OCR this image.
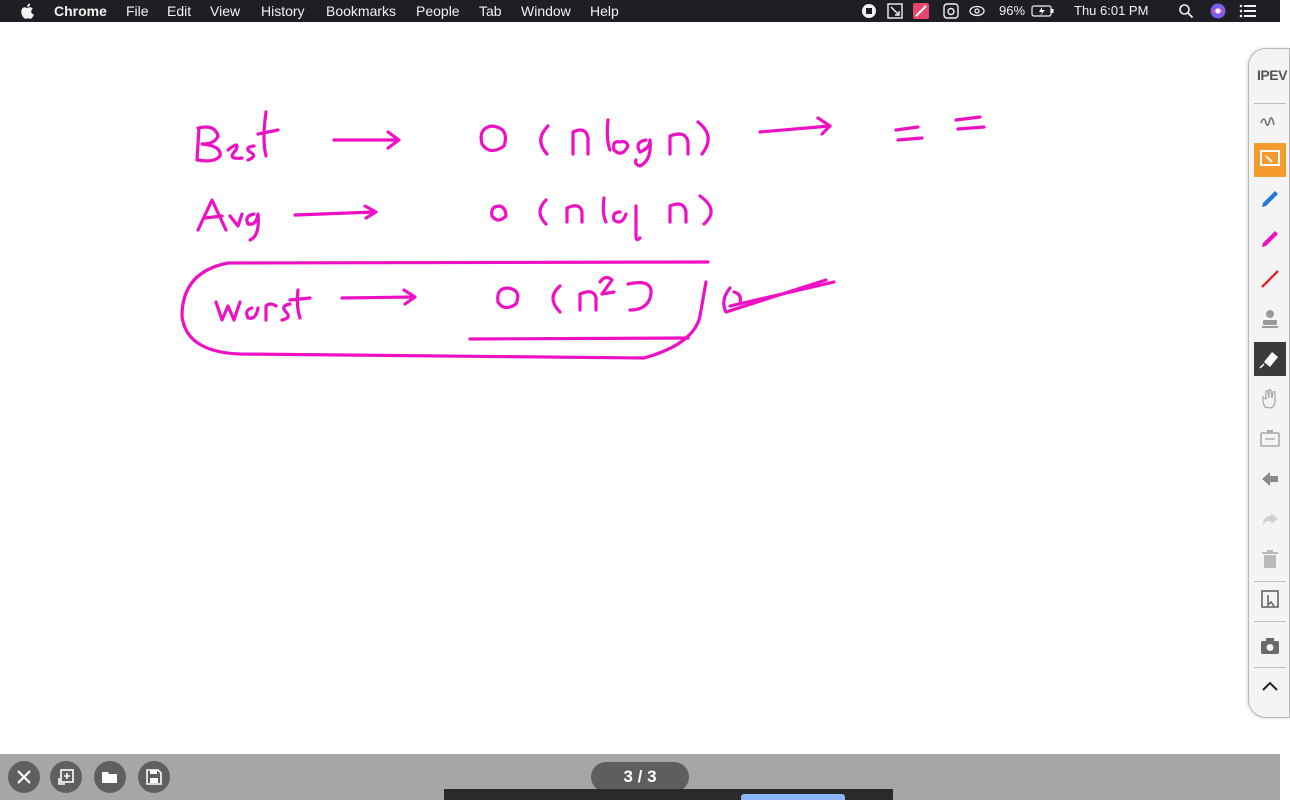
Chrome File Edit View History Bookmarks People Tab Window Help	96%	Thu 6:01 PM
IPEV
3 / 3
